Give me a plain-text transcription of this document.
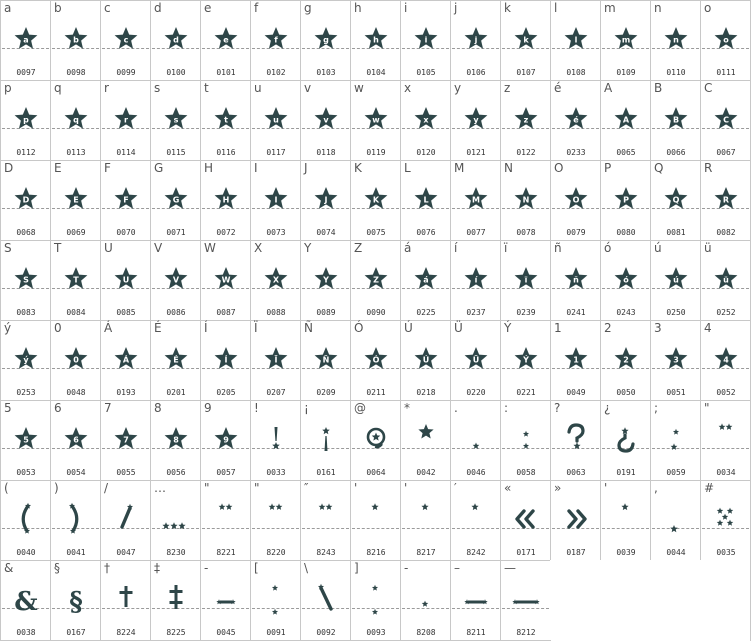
a
a
0097
b
b
0098
c
c
0099
d
d
0100
e
e
0101
f
f
0102
g
g
0103
h
h
0104
i
i
0105
j
j
0106
k
k
0107
l
l
0108
m
m
0109
n
n
0110
o
o
0111
p
p
0112
q
q
0113
r
r
0114
s
s
0115
t
t
0116
u
u
0117
v
v
0118
w
w
0119
x
x
0120
y
y
0121
z
z
0122
é
é
0233
A
A
0065
B
B
0066
C
C
0067
D
D
0068
E
E
0069
F
F
0070
G
G
0071
H
H
0072
I
I
0073
J
J
0074
K
K
0075
L
L
0076
M
M
0077
N
N
0078
O
O
0079
P
P
0080
Q
Q
0081
R
R
0082
S
S
0083
T
T
0084
U
U
0085
V
V
0086
W
W
0087
X
X
0088
Y
Y
0089
Z
Z
0090
á
á
0225
í
í
0237
ï
ï
0239
ñ
ñ
0241
ó
ó
0243
ú
ú
0250
ü
ü
0252
ý
ý
0253
0
0
0048
Á
Á
0193
É
É
0201
Í
Í
0205
Ï
Ï
0207
Ñ
Ñ
0209
Ó
Ó
0211
Ú
Ú
0218
Ü
Ü
0220
Ý
Ý
0221
1
1
0049
2
2
0050
3
3
0051
4
4
0052
5
5
0053
6
6
0054
7
7
0055
8
8
0056
9
9
0057
!
0033
¡
0161
@
0064
*
0042
.
0046
:
0058
?
0063
¿
0191
;
0059
"
0034
(
0040
)
0041
/
0047
…
8230
"
8221
"
8220
″
8243
'
8216
'
8217
′
8242
«
0171
»
0187
'
0039
,
0044
#
0035
&
&
0038
§
§
0167
†
8224
‡
8225
-
0045
[
0091
\
0092
]
0093
‐
8208
–
8211
—
8212
